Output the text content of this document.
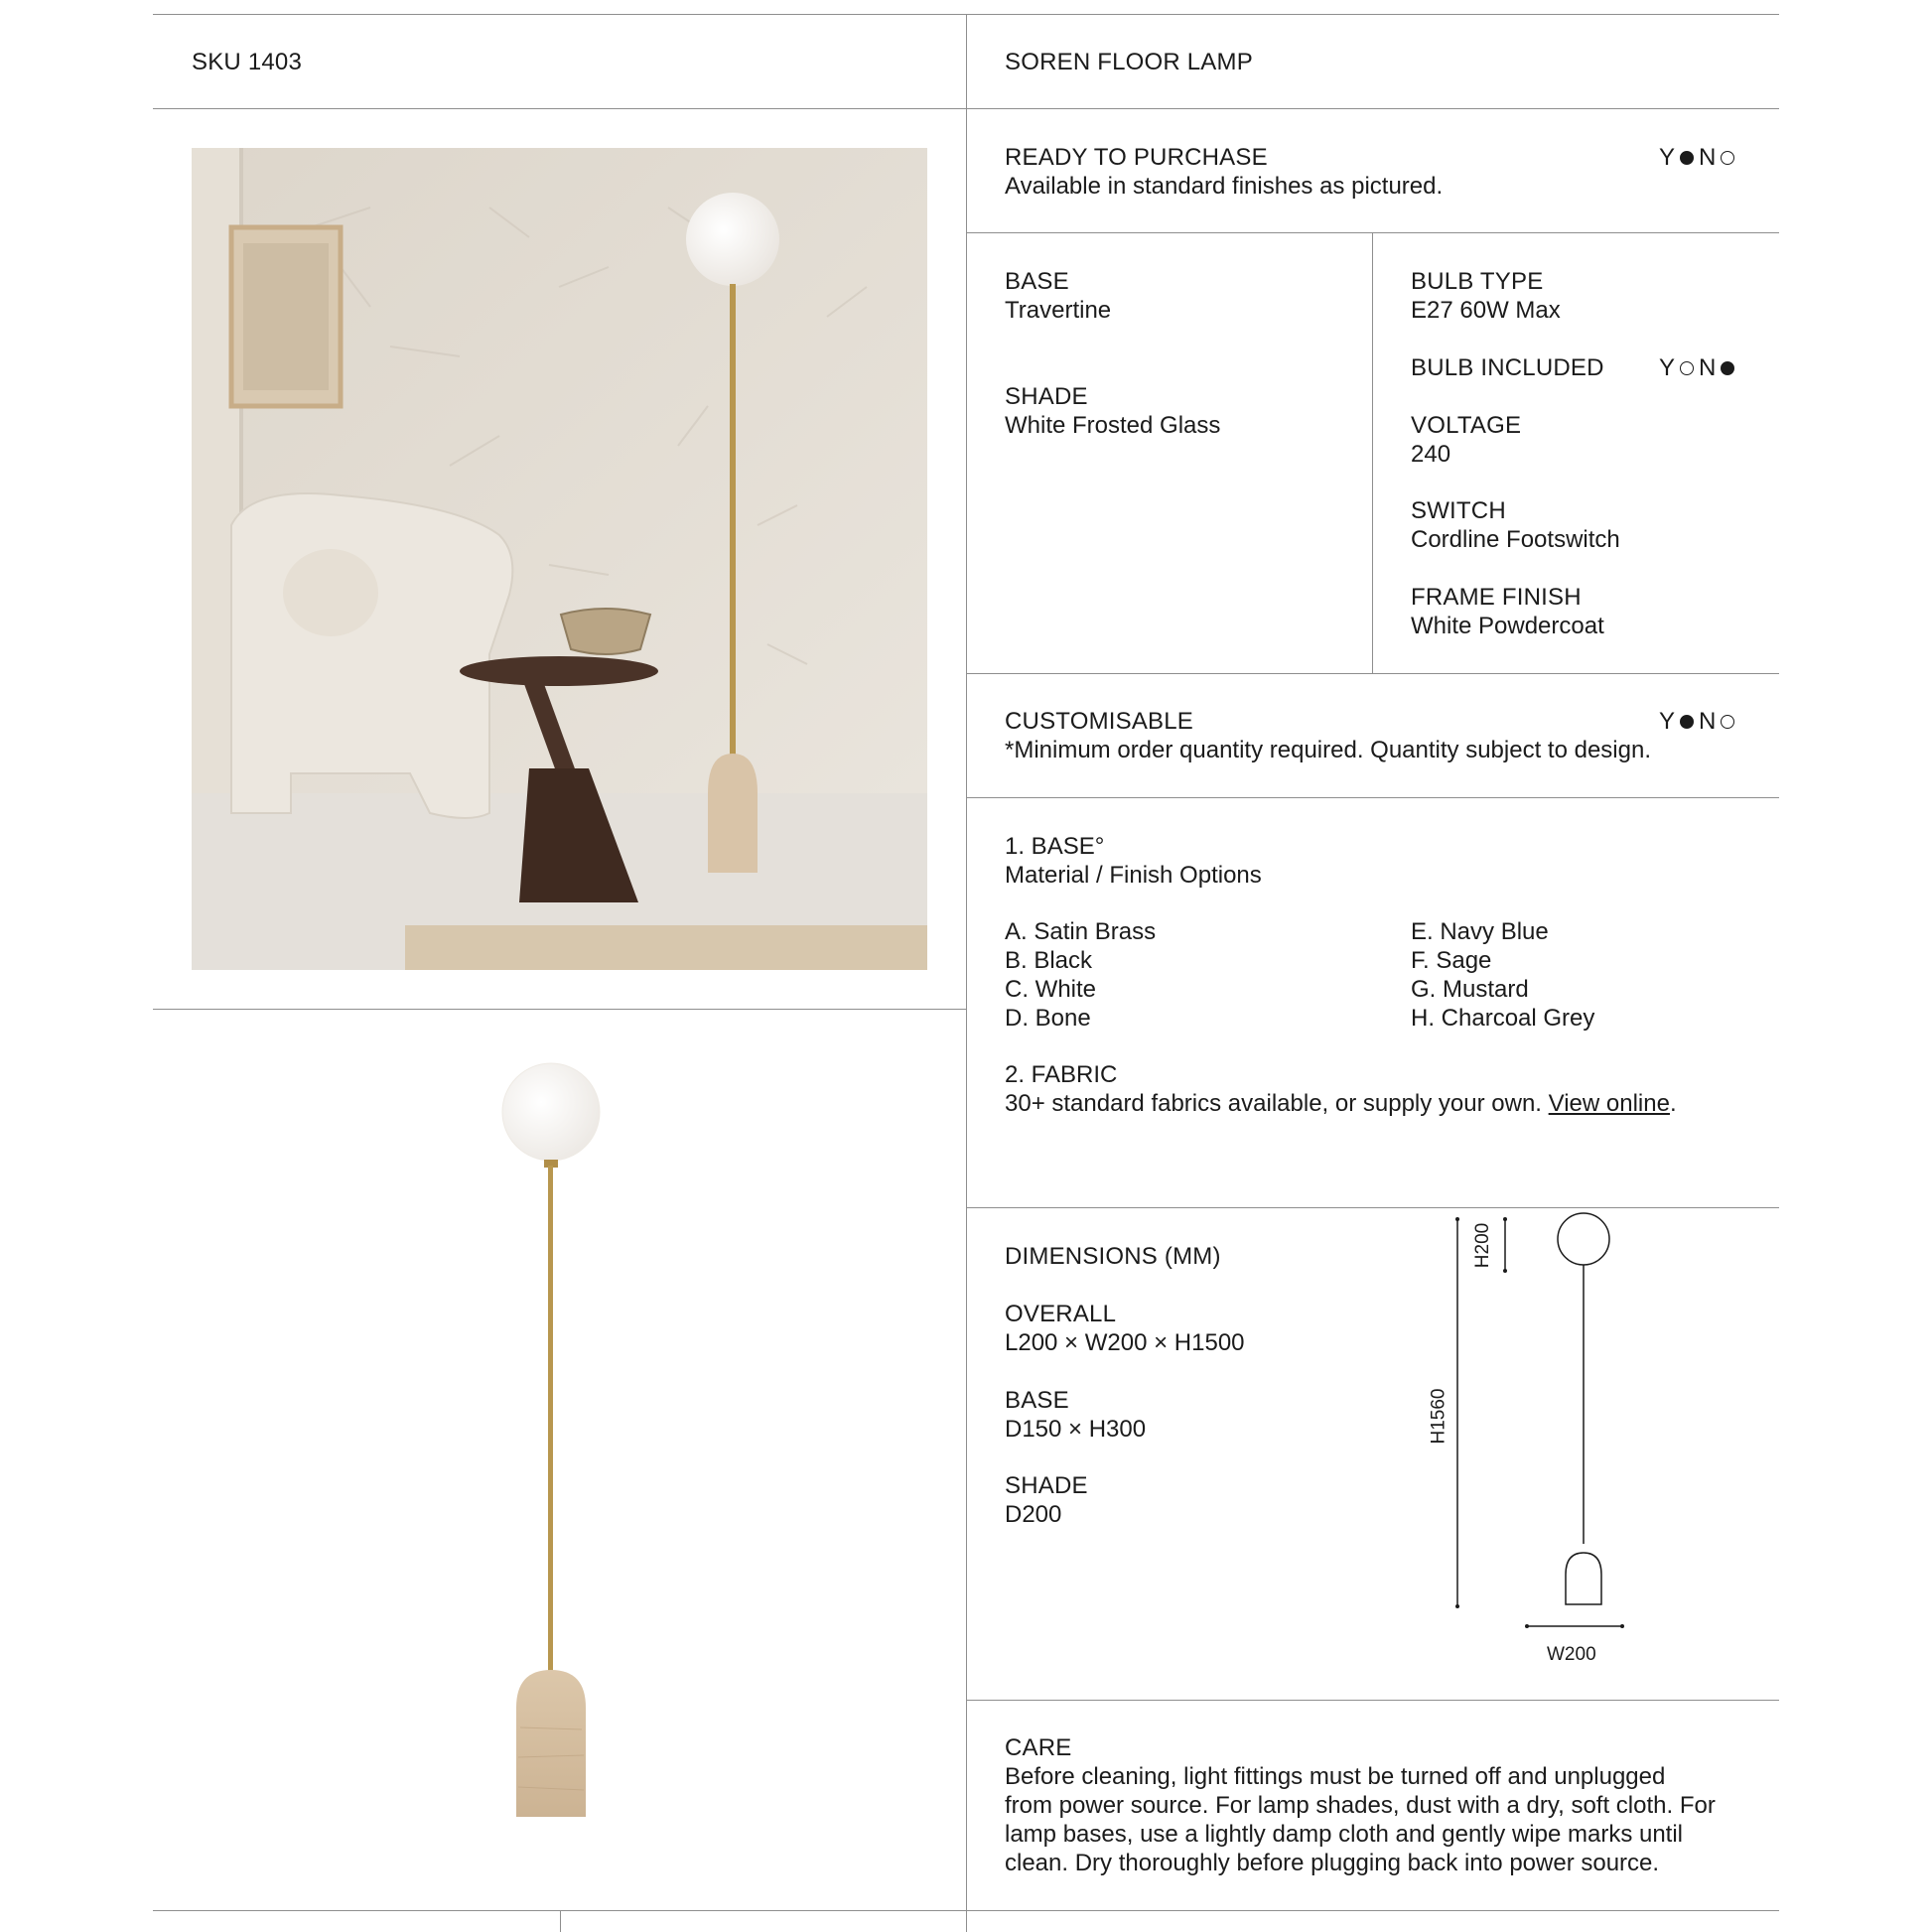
SKU 1403	SOREN FLOOR LAMP
READY TO PURCHASE
Available in standard finishes as pictured.
Y N
BASE
Travertine
SHADE
White Frosted Glass
BULB TYPE
E27 60W Max
BULB INCLUDED Y N
VOLTAGE
240
SWITCH
Cordline Footswitch
FRAME FINISH
White Powdercoat
CUSTOMISABLE
*Minimum order quantity required. Quantity subject to design.
Y N
1. BASE°
Material / Finish Options
A. Satin Brass
B. Black
C. White
D. Bone
E. Navy Blue
F. Sage
G. Mustard
H. Charcoal Grey
2. FABRIC
30+ standard fabrics available, or supply your own. View online.
DIMENSIONS (MM)
OVERALL
L200 × W200 × H1500
BASE
D150 × H300
SHADE
D200
H200
H1560
W200
CARE
Before cleaning, light fittings must be turned off and unplugged
from power source. For lamp shades, dust with a dry, soft cloth. For
lamp bases, use a lightly damp cloth and gently wipe marks until
clean. Dry thoroughly before plugging back into power source.
